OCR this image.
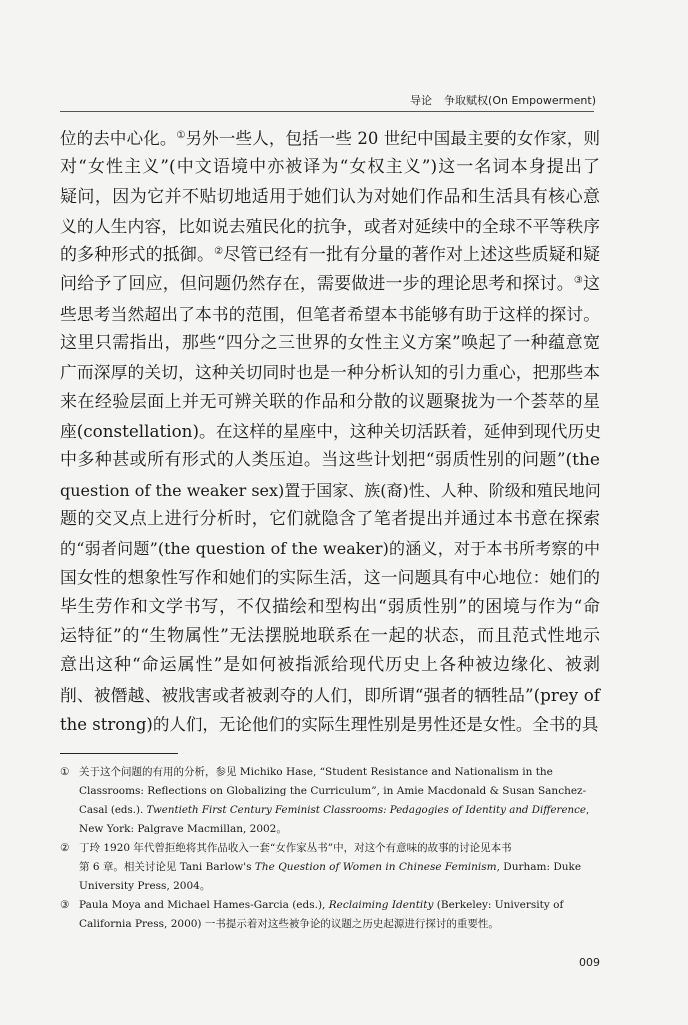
导论 争取赋权(On Empowerment)
位的去中心化。①另外一些人，包括一些 20 世纪中国最主要的女作家，则
对“女性主义”(中文语境中亦被译为“女权主义”)这一名词本身提出了
疑问，因为它并不贴切地适用于她们认为对她们作品和生活具有核心意
义的人生内容，比如说去殖民化的抗争，或者对延续中的全球不平等秩序
的多种形式的抵御。②尽管已经有一批有分量的著作对上述这些质疑和疑
问给予了回应，但问题仍然存在，需要做进一步的理论思考和探讨。③这
些思考当然超出了本书的范围，但笔者希望本书能够有助于这样的探讨。
这里只需指出，那些“四分之三世界的女性主义方案”唤起了一种蕴意宽
广而深厚的关切，这种关切同时也是一种分析认知的引力重心，把那些本
来在经验层面上并无可辨关联的作品和分散的议题聚拢为一个荟萃的星
座(constellation)。在这样的星座中，这种关切活跃着，延伸到现代历史
中多种甚或所有形式的人类压迫。当这些计划把“弱质性别的问题”(the
question of the weaker sex)置于国家、族(裔)性、人种、阶级和殖民地问
题的交叉点上进行分析时，它们就隐含了笔者提出并通过本书意在探索
的“弱者问题”(the question of the weaker)的涵义，对于本书所考察的中
国女性的想象性写作和她们的实际生活，这一问题具有中心地位：她们的
毕生劳作和文学书写，不仅描绘和型构出“弱质性别”的困境与作为“命
运特征”的“生物属性”无法摆脱地联系在一起的状态，而且范式性地示
意出这种“命运属性”是如何被指派给现代历史上各种被边缘化、被剥
削、被僭越、被戕害或者被剥夺的人们，即所谓“强者的牺牲品”(prey of
the strong)的人们，无论他们的实际生理性别是男性还是女性。全书的具
① 关于这个问题的有用的分析，参见 Michiko Hase, “Student Resistance and Nationalism in the
Classrooms: Reflections on Globalizing the Curriculum”, in Amie Macdonald & Susan Sanchez-
Casal (eds.). Twentieth First Century Feminist Classrooms: Pedagogies of Identity and Difference,
New York: Palgrave Macmillan, 2002。
② 丁玲 1920 年代曾拒绝将其作品收入一套“女作家丛书”中，对这个有意味的故事的讨论见本书
第 6 章。相关讨论见 Tani Barlow's The Question of Women in Chinese Feminism, Durham: Duke
University Press, 2004。
③ Paula Moya and Michael Hames-Garcia (eds.), Reclaiming Identity (Berkeley: University of
California Press, 2000) 一书提示着对这些被争论的议题之历史起源进行探讨的重要性。
009
